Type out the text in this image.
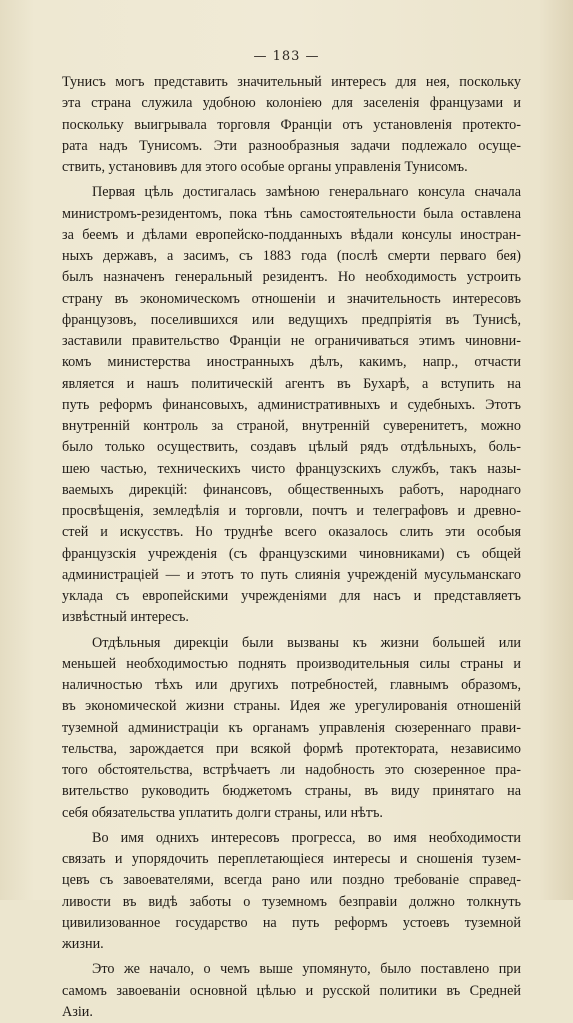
— 183 —

Тунисъ могъ представить значительный интересъ для нея, поскольку
эта страна служила удобною колоніею для заселенія французами и
поскольку выигрывала торговля Франціи отъ установленія протекто-
рата надъ Тунисомъ. Эти разнообразныя задачи подлежало осуще-
ствить, установивъ для этого особые органы управленія Тунисомъ.

Первая цѣль достигалась замѣною генеральнаго консула сначала
министромъ-резидентомъ, пока тѣнь самостоятельности была оставлена
за беемъ и дѣлами европейско-подданныхъ вѣдали консулы иностран-
ныхъ державъ, а засимъ, съ 1883 года (послѣ смерти перваго бея)
былъ назначенъ генеральный резидентъ. Но необходимость устроить
страну въ экономическомъ отношеніи и значительность интересовъ
французовъ, поселившихся или ведущихъ предпріятія въ Тунисѣ,
заставили правительство Франціи не ограничиваться этимъ чиновни-
комъ министерства иностранныхъ дѣлъ, какимъ, напр., отчасти
является и нашъ политическій агентъ въ Бухарѣ, а вступить на
путь реформъ финансовыхъ, административныхъ и судебныхъ. Этотъ
внутренній контроль за страной, внутренній суверенитетъ, можно
было только осуществить, создавъ цѣлый рядъ отдѣльныхъ, боль-
шею частью, техническихъ чисто французскихъ службъ, такъ назы-
ваемыхъ дирекцій: финансовъ, общественныхъ работъ, народнаго
просвѣщенія, земледѣлія и торговли, почтъ и телеграфовъ и древно-
стей и искусствъ. Но труднѣе всего оказалось слить эти особыя
французскія учрежденія (съ французскими чиновниками) съ общей
администраціей — и этотъ то путь слиянія учрежденій мусульманскаго
уклада съ европейскими учрежденіями для насъ и представляетъ
извѣстный интересъ.

Отдѣльныя дирекціи были вызваны къ жизни большей или
меньшей необходимостью поднять производительныя силы страны и
наличностью тѣхъ или другихъ потребностей, главнымъ образомъ,
въ экономической жизни страны. Идея же урегулированія отношеній
туземной администраціи къ органамъ управленія сюзереннаго прави-
тельства, зарождается при всякой формѣ протектората, независимо
того обстоятельства, встрѣчаетъ ли надобность это сюзеренное пра-
вительство руководить бюджетомъ страны, въ виду принятаго на
себя обязательства уплатить долги страны, или нѣтъ.

Во имя однихъ интересовъ прогресса, во имя необходимости
связать и упорядочить переплетающіеся интересы и сношенія тузем-
цевъ съ завоевателями, всегда рано или поздно требованіе справед-
ливости въ видѣ заботы о туземномъ безправіи должно толкнуть
цивилизованное государство на путь реформъ устоевъ туземной
жизни.

Это же начало, о чемъ выше упомянуто, было поставлено при
самомъ завоеваніи основной цѣлью и русской политики въ Средней
Азіи.
